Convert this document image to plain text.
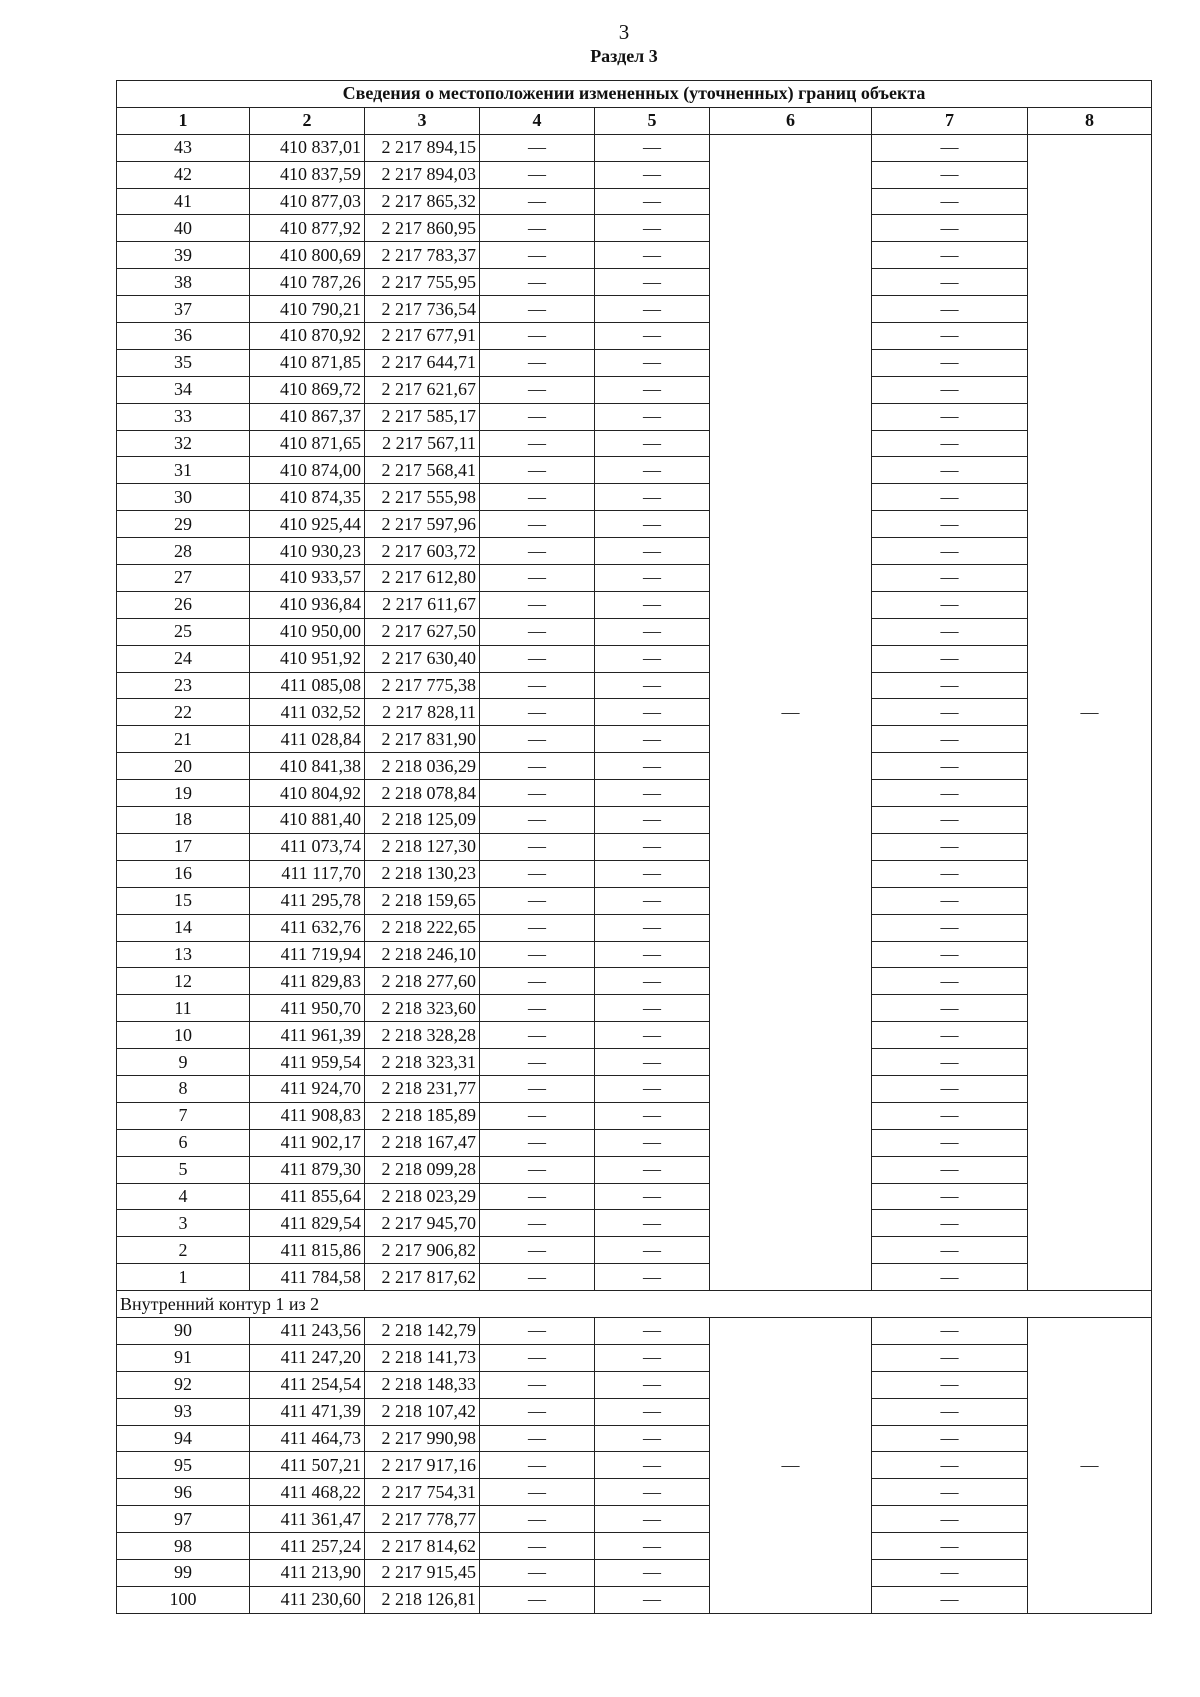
3
Раздел 3
Сведения о местоположении измененных (уточненных) границ объекта							
1	2	3	4	5	6	7	8
43	410 837,01	2 217 894,15	—	—	—	—	—
42	410 837,59	2 217 894,03	—	—		—	
41	410 877,03	2 217 865,32	—	—		—	
40	410 877,92	2 217 860,95	—	—		—	
39	410 800,69	2 217 783,37	—	—		—	
38	410 787,26	2 217 755,95	—	—		—	
37	410 790,21	2 217 736,54	—	—		—	
36	410 870,92	2 217 677,91	—	—		—	
35	410 871,85	2 217 644,71	—	—		—	
34	410 869,72	2 217 621,67	—	—		—	
33	410 867,37	2 217 585,17	—	—		—	
32	410 871,65	2 217 567,11	—	—		—	
31	410 874,00	2 217 568,41	—	—		—	
30	410 874,35	2 217 555,98	—	—		—	
29	410 925,44	2 217 597,96	—	—		—	
28	410 930,23	2 217 603,72	—	—		—	
27	410 933,57	2 217 612,80	—	—		—	
26	410 936,84	2 217 611,67	—	—		—	
25	410 950,00	2 217 627,50	—	—		—	
24	410 951,92	2 217 630,40	—	—		—	
23	411 085,08	2 217 775,38	—	—		—	
22	411 032,52	2 217 828,11	—	—		—	
21	411 028,84	2 217 831,90	—	—		—	
20	410 841,38	2 218 036,29	—	—		—	
19	410 804,92	2 218 078,84	—	—		—	
18	410 881,40	2 218 125,09	—	—		—	
17	411 073,74	2 218 127,30	—	—		—	
16	411 117,70	2 218 130,23	—	—		—	
15	411 295,78	2 218 159,65	—	—		—	
14	411 632,76	2 218 222,65	—	—		—	
13	411 719,94	2 218 246,10	—	—		—	
12	411 829,83	2 218 277,60	—	—		—	
11	411 950,70	2 218 323,60	—	—		—	
10	411 961,39	2 218 328,28	—	—		—	
9	411 959,54	2 218 323,31	—	—		—	
8	411 924,70	2 218 231,77	—	—		—	
7	411 908,83	2 218 185,89	—	—		—	
6	411 902,17	2 218 167,47	—	—		—	
5	411 879,30	2 218 099,28	—	—		—	
4	411 855,64	2 218 023,29	—	—		—	
3	411 829,54	2 217 945,70	—	—		—	
2	411 815,86	2 217 906,82	—	—		—	
1	411 784,58	2 217 817,62	—	—		—	
Внутренний контур 1 из 2							
90	411 243,56	2 218 142,79	—	—	—	—	—
91	411 247,20	2 218 141,73	—	—		—	
92	411 254,54	2 218 148,33	—	—		—	
93	411 471,39	2 218 107,42	—	—		—	
94	411 464,73	2 217 990,98	—	—		—	
95	411 507,21	2 217 917,16	—	—		—	
96	411 468,22	2 217 754,31	—	—		—	
97	411 361,47	2 217 778,77	—	—		—	
98	411 257,24	2 217 814,62	—	—		—	
99	411 213,90	2 217 915,45	—	—		—	
100	411 230,60	2 218 126,81	—	—		—	
